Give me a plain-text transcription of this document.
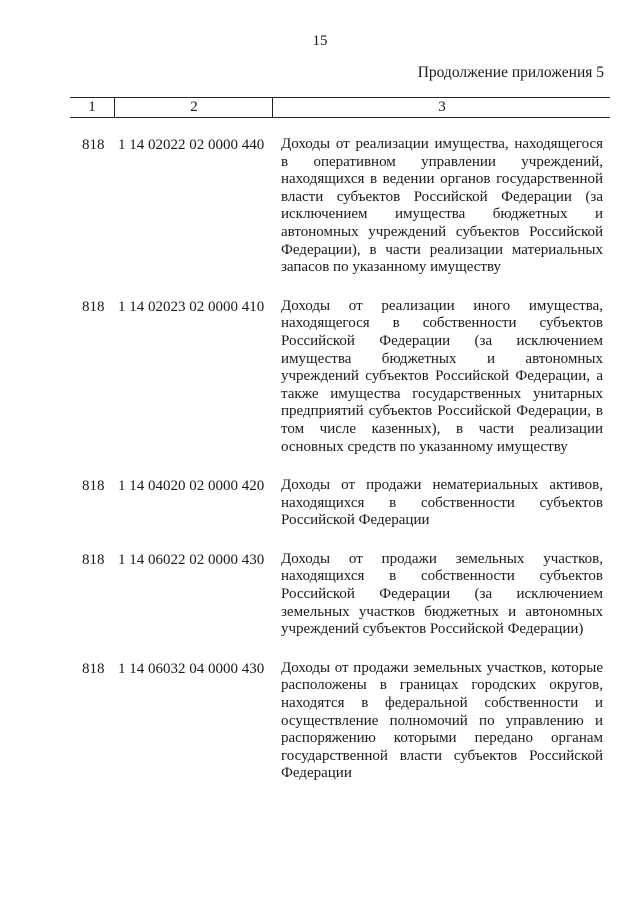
15
Продолжение приложения 5
1	2	3
818 1 14 02022 02 0000 440 Доходы от реализации имущества, находящегося в оперативном управлении учреждений, находящихся в ведении органов государственной власти субъектов Российской Федерации (за исключением имущества бюджетных и автономных учреждений субъектов Российской Федерации), в части реализации материальных запасов по указанному имуществу
818 1 14 02023 02 0000 410 Доходы от реализации иного имущества, находящегося в собственности субъектов Российской Федерации (за исключением имущества бюджетных и автономных учреждений субъектов Российской Федерации, а также имущества государственных унитарных предприятий субъектов Российской Федерации, в том числе казенных), в части реализации основных средств по указанному имуществу
818 1 14 04020 02 0000 420 Доходы от продажи нематериальных активов, находящихся в собственности субъектов Российской Федерации
818 1 14 06022 02 0000 430 Доходы от продажи земельных участков, находящихся в собственности субъектов Российской Федерации (за исключением земельных участков бюджетных и автономных учреждений субъектов Российской Федерации)
818 1 14 06032 04 0000 430 Доходы от продажи земельных участков, которые расположены в границах городских округов, находятся в федеральной собственности и осуществление полномочий по управлению и распоряжению которыми передано органам государственной власти субъектов Российской Федерации
